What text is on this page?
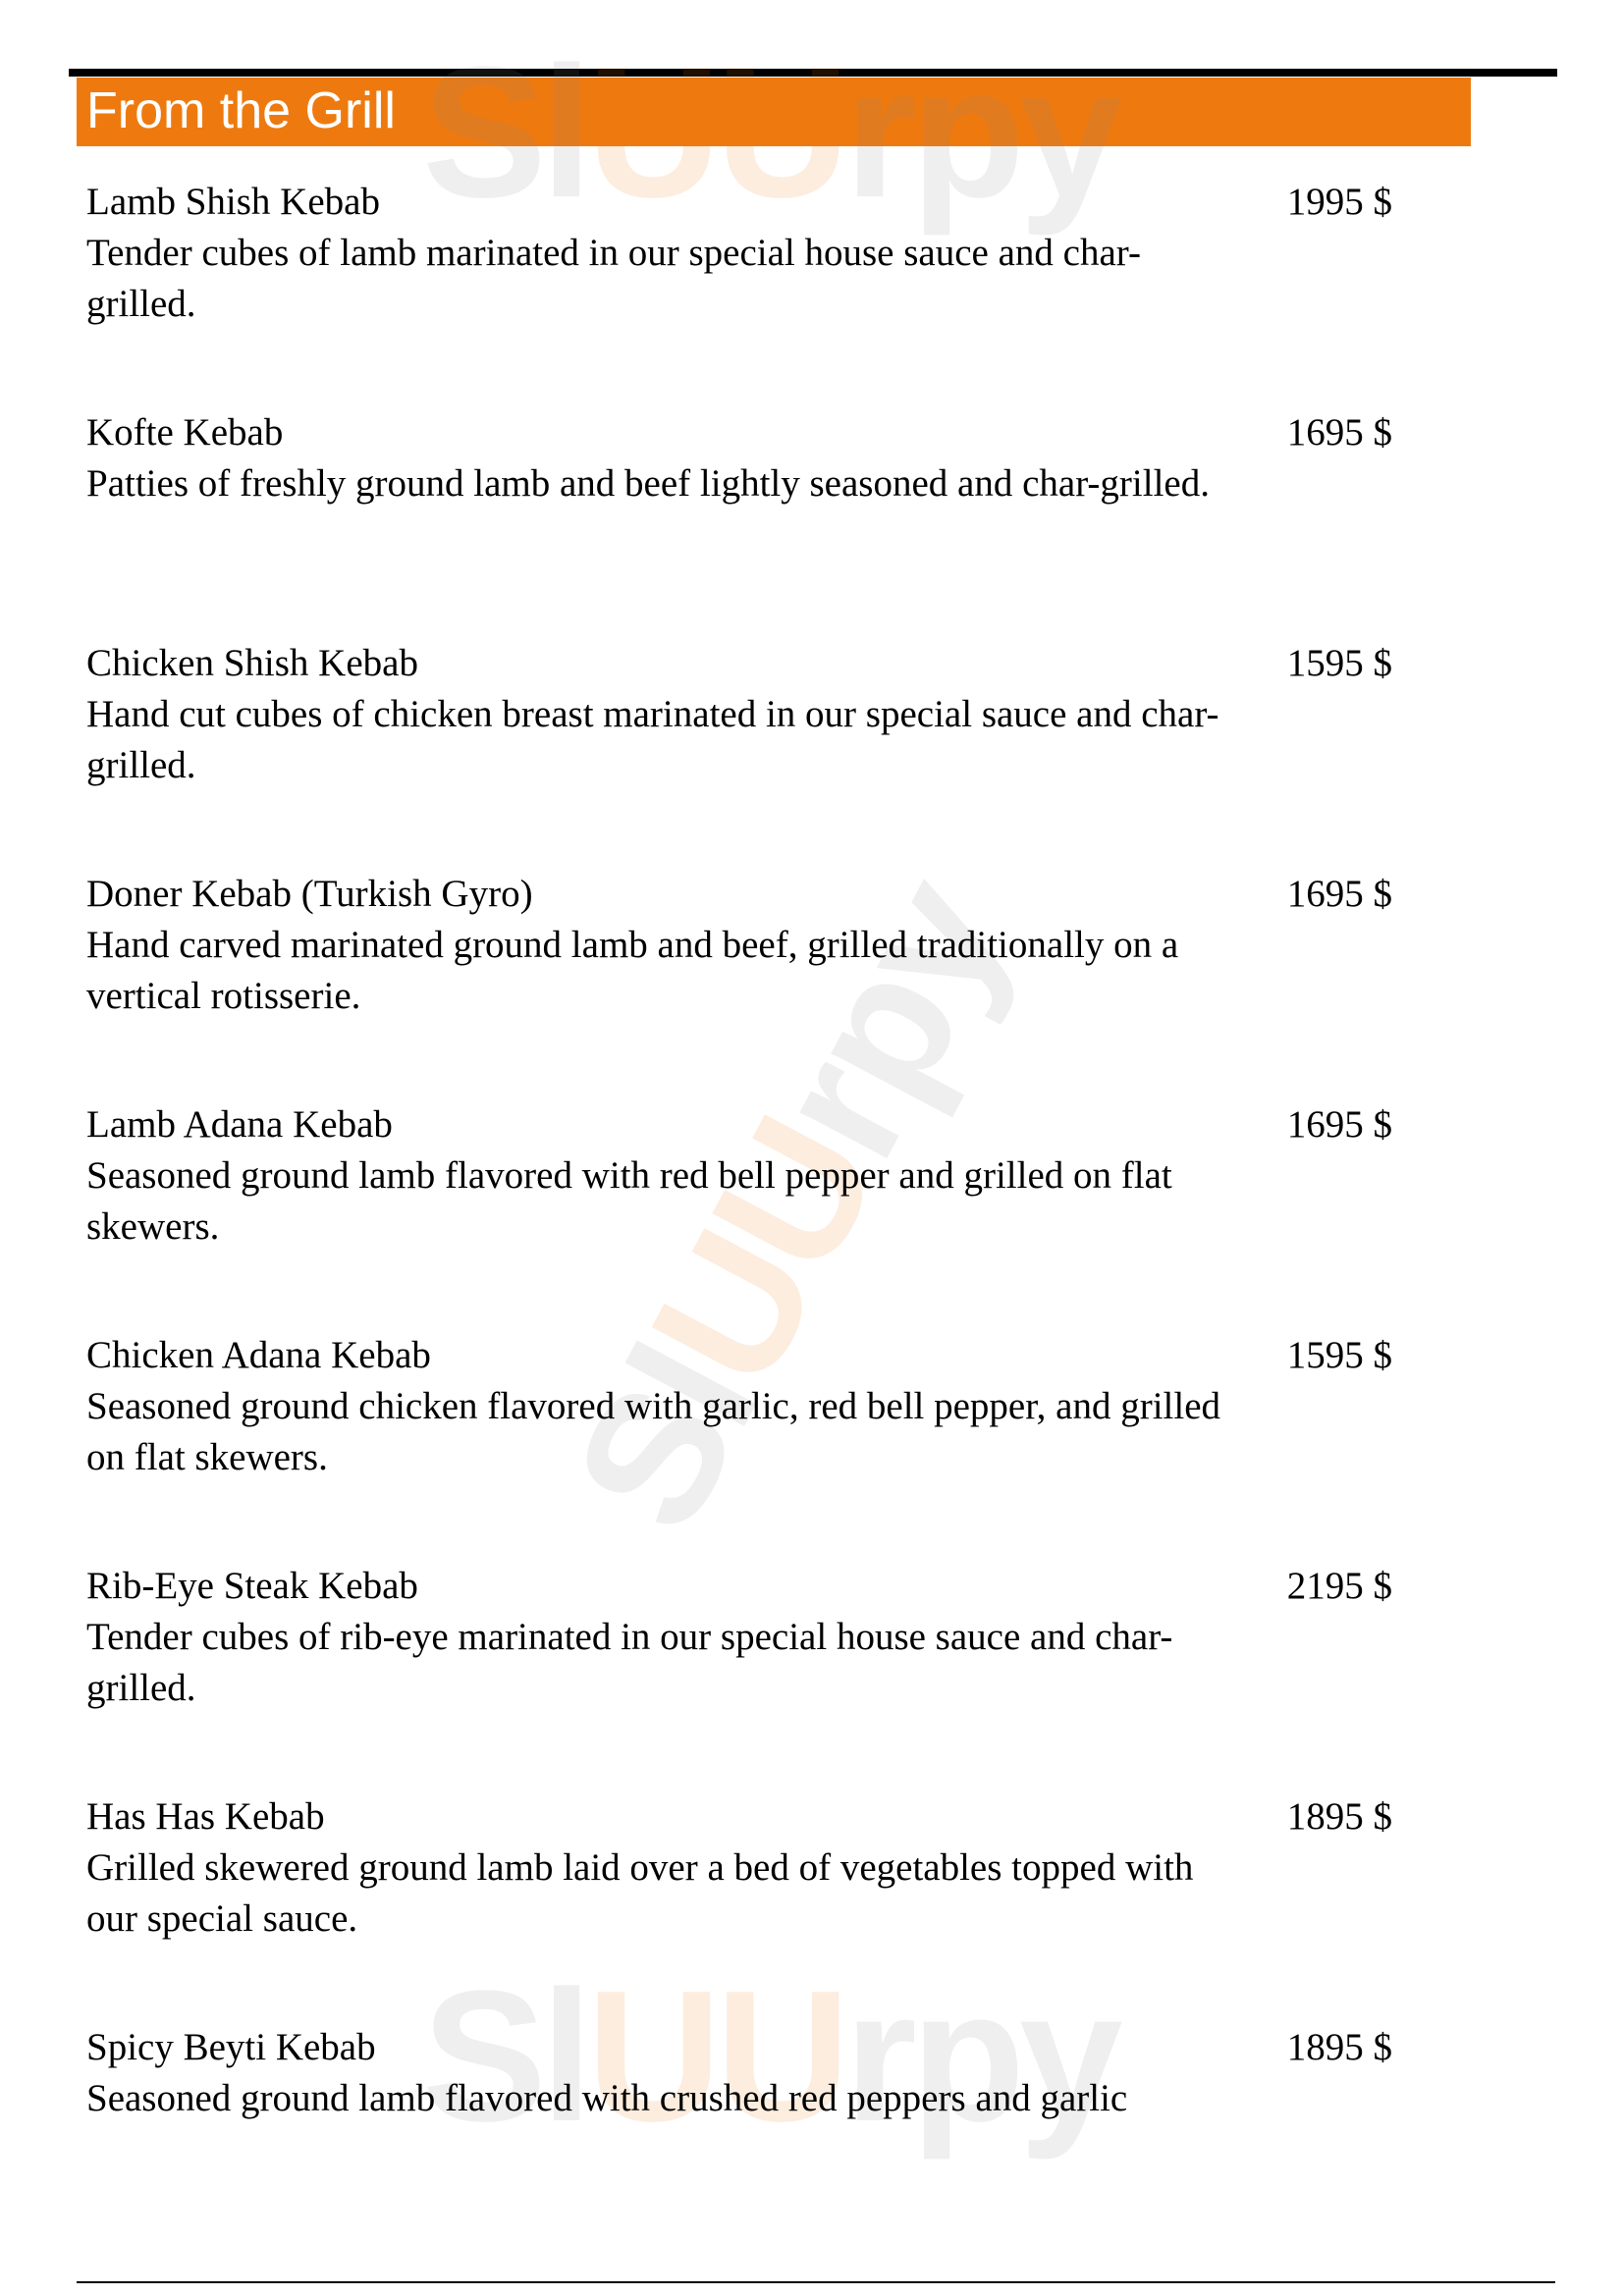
From the Grill
SlUUrpy
SlUUrpy
Lamb Shish Kebab	1995 $
Tender cubes of lamb marinated in our special house sauce and char-grilled.
Kofte Kebab	1695 $
Patties of freshly ground lamb and beef lightly seasoned and char-grilled.
Chicken Shish Kebab	1595 $
Hand cut cubes of chicken breast marinated in our special sauce and char-grilled.
Doner Kebab (Turkish Gyro)	1695 $
Hand carved marinated ground lamb and beef, grilled traditionally on a vertical rotisserie.
Lamb Adana Kebab	1695 $
Seasoned ground lamb flavored with red bell pepper and grilled on flat skewers.
Chicken Adana Kebab	1595 $
Seasoned ground chicken flavored with garlic, red bell pepper, and grilled on flat skewers.
Rib-Eye Steak Kebab	2195 $
Tender cubes of rib-eye marinated in our special house sauce and char-grilled.
Has Has Kebab	1895 $
Grilled skewered ground lamb laid over a bed of vegetables topped with our special sauce.
Spicy Beyti Kebab	1895 $
Seasoned ground lamb flavored with crushed red peppers and garlic
